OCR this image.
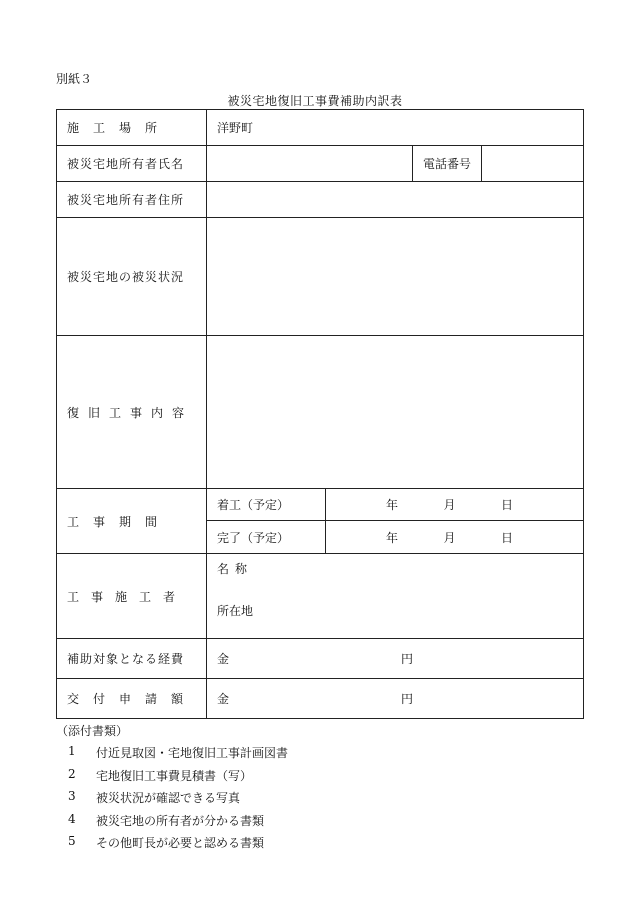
別紙３
被災宅地復旧工事費補助内訳表
施　工　場　所	洋野町			
被災宅地所有者氏名			電話番号	
被災宅地所有者住所				
被災宅地の被災状況				
復旧工事内容				
工　事　期　間	着工（予定）	年 月 日		

	完了（予定）	年 月 日		

工事施工者	名称
所在地			

補助対象となる経費	金 円			

交付申請額	金 円			
（添付書類）
1	付近見取図・宅地復旧工事計画図書
2	宅地復旧工事費見積書（写）
3	被災状況が確認できる写真
4	被災宅地の所有者が分かる書類
5	その他町長が必要と認める書類
